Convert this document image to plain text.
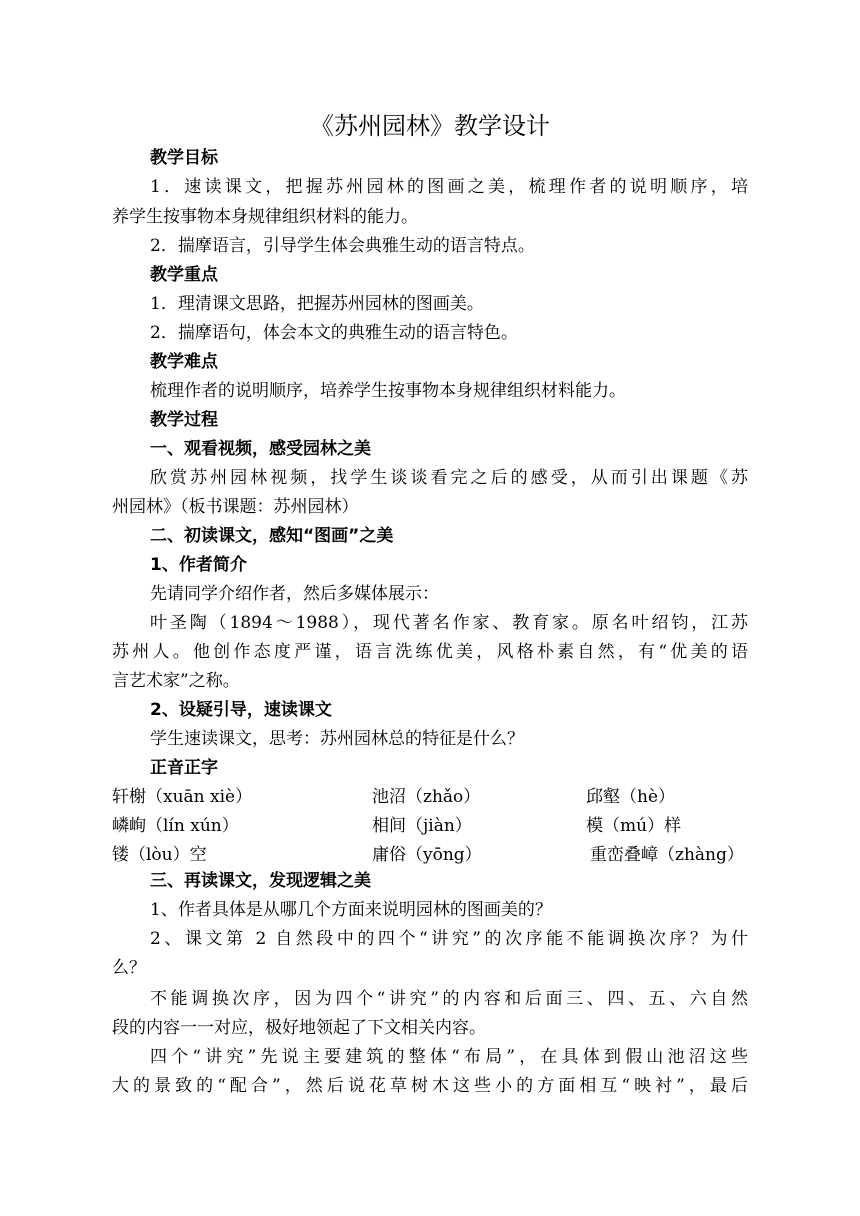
《苏州园林》教学设计
教学目标
1．速读课文，把握苏州园林的图画之美，梳理作者的说明顺序，培
养学生按事物本身规律组织材料的能力。
2．揣摩语言，引导学生体会典雅生动的语言特点。
教学重点
1．理清课文思路，把握苏州园林的图画美。
2．揣摩语句，体会本文的典雅生动的语言特色。
教学难点
梳理作者的说明顺序，培养学生按事物本身规律组织材料能力。
教学过程
一、观看视频，感受园林之美
欣赏苏州园林视频，找学生谈谈看完之后的感受，从而引出课题《苏
州园林》（板书课题：苏州园林）
二、初读课文，感知“图画”之美
1、作者简介
先请同学介绍作者，然后多媒体展示：
叶圣陶（1894～1988），现代著名作家、教育家。原名叶绍钧，江苏
苏州人。他创作态度严谨，语言洗练优美，风格朴素自然，有“优美的语
言艺术家”之称。
2、设疑引导，速读课文
学生速读课文，思考：苏州园林总的特征是什么？
正音正字
轩榭（xuān xiè）	池沼（zhǎo）	邱壑（hè）
嶙峋（lín xún）	相间（jiàn）	模（mú）样
镂（lòu）空	庸俗（yōng）	重峦叠嶂（zhàng）
三、再读课文，发现逻辑之美
1、作者具体是从哪几个方面来说明园林的图画美的？
2、课文第 2 自然段中的四个“讲究”的次序能不能调换次序？为什
么？
不能调换次序，因为四个“讲究”的内容和后面三、四、五、六自然
段的内容一一对应，极好地领起了下文相关内容。
四个“讲究”先说主要建筑的整体“布局”，在具体到假山池沼这些
大的景致的“配合”，然后说花草树木这些小的方面相互“映衬”，最后
